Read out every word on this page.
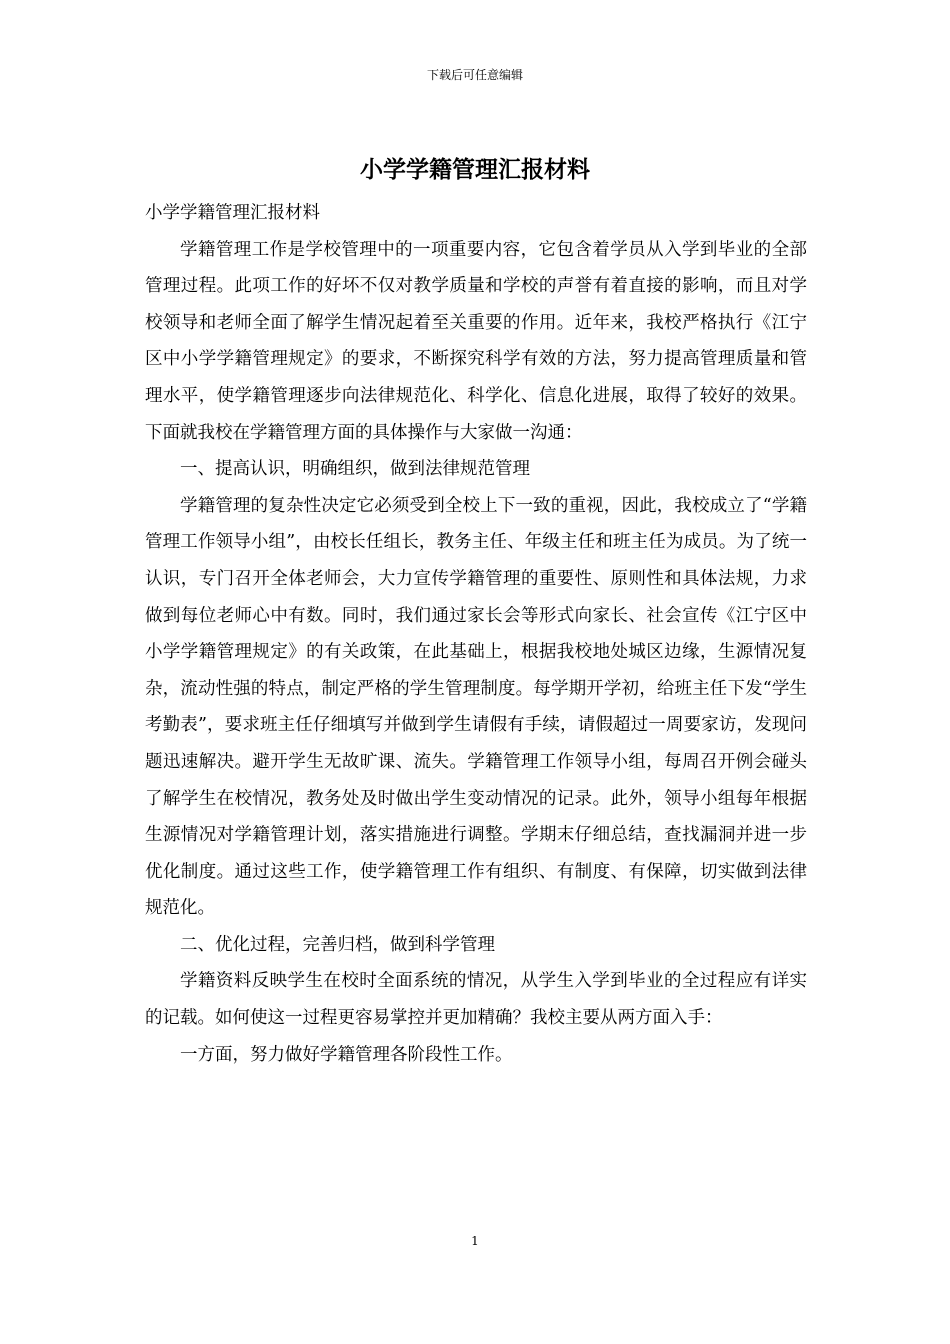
下载后可任意编辑
小学学籍管理汇报材料

小学学籍管理汇报材料

学籍管理工作是学校管理中的一项重要内容，它包含着学员从入学到毕业的全部管理过程。此项工作的好坏不仅对教学质量和学校的声誉有着直接的影响，而且对学校领导和老师全面了解学生情况起着至关重要的作用。近年来，我校严格执行《江宁区中小学学籍管理规定》的要求，不断探究科学有效的方法，努力提高管理质量和管理水平，使学籍管理逐步向法律规范化、科学化、信息化进展，取得了较好的效果。下面就我校在学籍管理方面的具体操作与大家做一沟通：

一、提高认识，明确组织，做到法律规范管理

学籍管理的复杂性决定它必须受到全校上下一致的重视，因此，我校成立了“学籍管理工作领导小组”，由校长任组长，教务主任、年级主任和班主任为成员。为了统一认识，专门召开全体老师会，大力宣传学籍管理的重要性、原则性和具体法规，力求做到每位老师心中有数。同时，我们通过家长会等形式向家长、社会宣传《江宁区中小学学籍管理规定》的有关政策，在此基础上，根据我校地处城区边缘，生源情况复杂，流动性强的特点，制定严格的学生管理制度。每学期开学初，给班主任下发“学生考勤表”，要求班主任仔细填写并做到学生请假有手续，请假超过一周要家访，发现问题迅速解决。避开学生无故旷课、流失。学籍管理工作领导小组，每周召开例会碰头了解学生在校情况，教务处及时做出学生变动情况的记录。此外，领导小组每年根据生源情况对学籍管理计划，落实措施进行调整。学期末仔细总结，查找漏洞并进一步优化制度。通过这些工作，使学籍管理工作有组织、有制度、有保障，切实做到法律规范化。

二、优化过程，完善归档，做到科学管理

学籍资料反映学生在校时全面系统的情况，从学生入学到毕业的全过程应有详实的记载。如何使这一过程更容易掌控并更加精确？我校主要从两方面入手：

一方面，努力做好学籍管理各阶段性工作。

1
